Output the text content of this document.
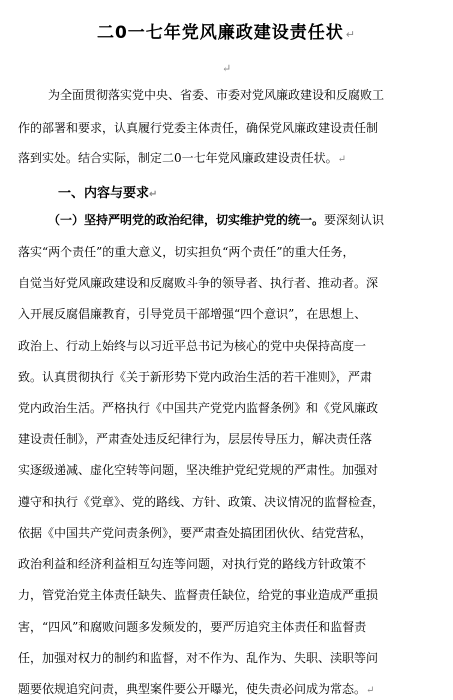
二0一七年党风廉政建设责任状 ↵
↵
为全面贯彻落实党中央、省委、市委对党风廉政建设和反腐败工
作的部署和要求，认真履行党委主体责任，确保党风廉政建设责任制
落到实处。结合实际，制定二0一七年党风廉政建设责任状。↵
一、内容与要求↵
（一）坚持严明党的政治纪律，切实维护党的统一。要深刻认识
落实“两个责任”的重大意义，切实担负“两个责任”的重大任务，
自觉当好党风廉政建设和反腐败斗争的领导者、执行者、推动者。深
入开展反腐倡廉教育，引导党员干部增强“四个意识”，在思想上、
政治上、行动上始终与以习近平总书记为核心的党中央保持高度一
致。认真贯彻执行《关于新形势下党内政治生活的若干准则》，严肃
党内政治生活。严格执行《中国共产党党内监督条例》和《党风廉政
建设责任制》，严肃查处违反纪律行为，层层传导压力，解决责任落
实逐级递减、虚化空转等问题，坚决维护党纪党规的严肃性。加强对
遵守和执行《党章》、党的路线、方针、政策、决议情况的监督检查，
依据《中国共产党问责条例》，要严肃查处搞团团伙伙、结党营私，
政治利益和经济利益相互勾连等问题，对执行党的路线方针政策不
力，管党治党主体责任缺失、监督责任缺位，给党的事业造成严重损
害，“四风”和腐败问题多发频发的，要严厉追究主体责任和监督责
任，加强对权力的制约和监督，对不作为、乱作为、失职、渎职等问
题要依规追究问责，典型案件要公开曝光，使失责必问成为常态。↵
